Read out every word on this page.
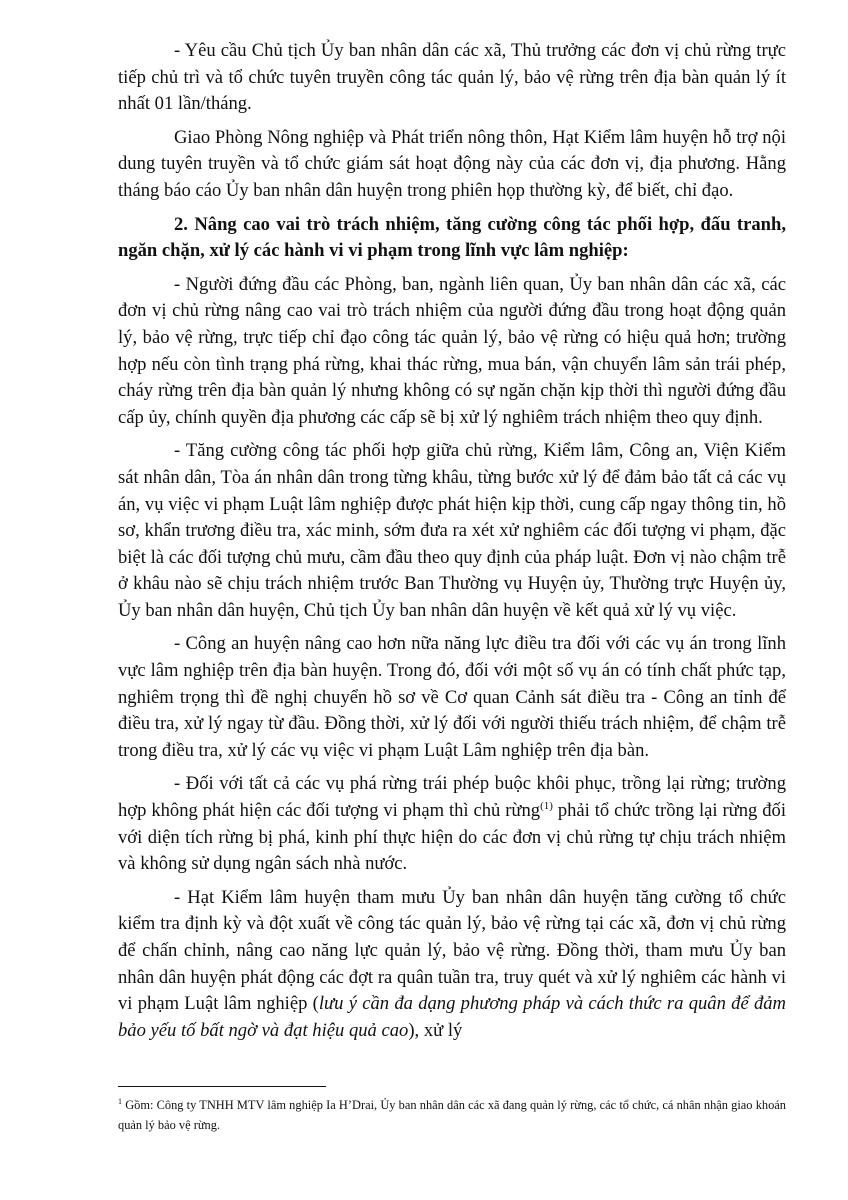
- Yêu cầu Chủ tịch Ủy ban nhân dân các xã, Thủ trưởng các đơn vị chủ rừng trực tiếp chủ trì và tổ chức tuyên truyền công tác quản lý, bảo vệ rừng trên địa bàn quản lý ít nhất 01 lần/tháng.

Giao Phòng Nông nghiệp và Phát triển nông thôn, Hạt Kiểm lâm huyện hỗ trợ nội dung tuyên truyền và tổ chức giám sát hoạt động này của các đơn vị, địa phương. Hằng tháng báo cáo Ủy ban nhân dân huyện trong phiên họp thường kỳ, để biết, chỉ đạo.

2. Nâng cao vai trò trách nhiệm, tăng cường công tác phối hợp, đấu tranh, ngăn chặn, xử lý các hành vi vi phạm trong lĩnh vực lâm nghiệp:

- Người đứng đầu các Phòng, ban, ngành liên quan, Ủy ban nhân dân các xã, các đơn vị chủ rừng nâng cao vai trò trách nhiệm của người đứng đầu trong hoạt động quản lý, bảo vệ rừng, trực tiếp chỉ đạo công tác quản lý, bảo vệ rừng có hiệu quả hơn; trường hợp nếu còn tình trạng phá rừng, khai thác rừng, mua bán, vận chuyển lâm sản trái phép, cháy rừng trên địa bàn quản lý nhưng không có sự ngăn chặn kịp thời thì người đứng đầu cấp ủy, chính quyền địa phương các cấp sẽ bị xử lý nghiêm trách nhiệm theo quy định.

- Tăng cường công tác phối hợp giữa chủ rừng, Kiểm lâm, Công an, Viện Kiểm sát nhân dân, Tòa án nhân dân trong từng khâu, từng bước xử lý để đảm bảo tất cả các vụ án, vụ việc vi phạm Luật lâm nghiệp được phát hiện kịp thời, cung cấp ngay thông tin, hồ sơ, khẩn trương điều tra, xác minh, sớm đưa ra xét xử nghiêm các đối tượng vi phạm, đặc biệt là các đối tượng chủ mưu, cầm đầu theo quy định của pháp luật. Đơn vị nào chậm trễ ở khâu nào sẽ chịu trách nhiệm trước Ban Thường vụ Huyện ủy, Thường trực Huyện ủy, Ủy ban nhân dân huyện, Chủ tịch Ủy ban nhân dân huyện về kết quả xử lý vụ việc.

- Công an huyện nâng cao hơn nữa năng lực điều tra đối với các vụ án trong lĩnh vực lâm nghiệp trên địa bàn huyện. Trong đó, đối với một số vụ án có tính chất phức tạp, nghiêm trọng thì đề nghị chuyển hồ sơ về Cơ quan Cảnh sát điều tra - Công an tỉnh để điều tra, xử lý ngay từ đầu. Đồng thời, xử lý đối với người thiếu trách nhiệm, để chậm trễ trong điều tra, xử lý các vụ việc vi phạm Luật Lâm nghiệp trên địa bàn.

- Đối với tất cả các vụ phá rừng trái phép buộc khôi phục, trồng lại rừng; trường hợp không phát hiện các đối tượng vi phạm thì chủ rừng$^{(1)}$ phải tổ chức trồng lại rừng đối với diện tích rừng bị phá, kinh phí thực hiện do các đơn vị chủ rừng tự chịu trách nhiệm và không sử dụng ngân sách nhà nước.

- Hạt Kiểm lâm huyện tham mưu Ủy ban nhân dân huyện tăng cường tổ chức kiểm tra định kỳ và đột xuất về công tác quản lý, bảo vệ rừng tại các xã, đơn vị chủ rừng để chấn chỉnh, nâng cao năng lực quản lý, bảo vệ rừng. Đồng thời, tham mưu Ủy ban nhân dân huyện phát động các đợt ra quân tuần tra, truy quét và xử lý nghiêm các hành vi vi phạm Luật lâm nghiệp (lưu ý cần đa dạng phương pháp và cách thức ra quân để đảm bảo yếu tố bất ngờ và đạt hiệu quả cao), xử lý

$^1$ Gồm: Công ty TNHH MTV lâm nghiệp Ia H’Drai, Ủy ban nhân dân các xã đang quản lý rừng, các tổ chức, cá nhân nhận giao khoán quản lý bảo vệ rừng.
